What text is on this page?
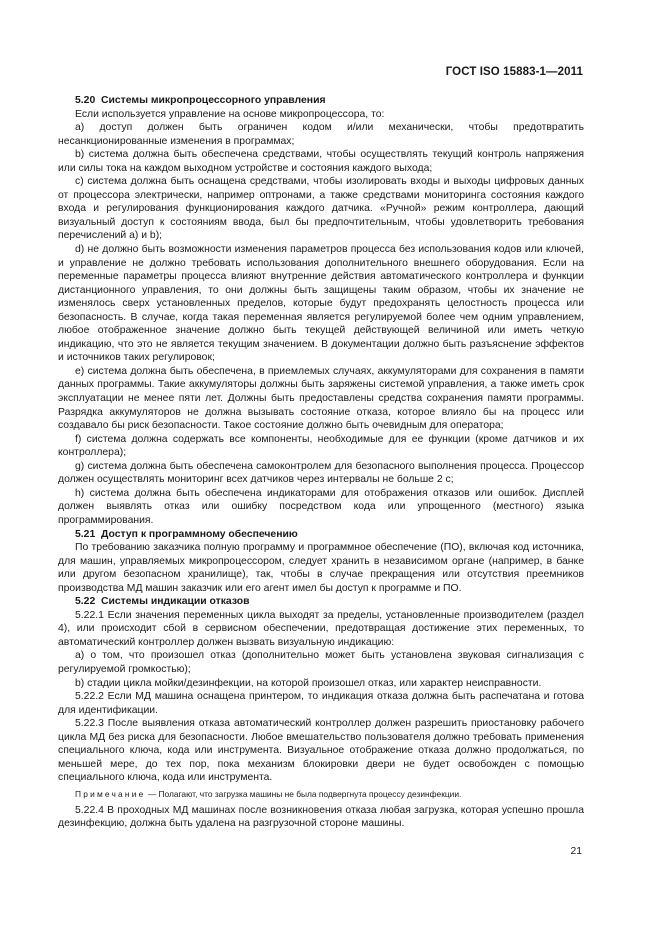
ГОСТ ISO 15883-1—2011

5.20 Системы микропроцессорного управления

Если используется управление на основе микропроцессора, то:

a) доступ должен быть ограничен кодом и/или механически, чтобы предотвратить несанкционированные изменения в программах;

b) система должна быть обеспечена средствами, чтобы осуществлять текущий контроль напряжения или силы тока на каждом выходном устройстве и состояния каждого выхода;

c) система должна быть оснащена средствами, чтобы изолировать входы и выходы цифровых данных от процессора электрически, например оптронами, а также средствами мониторинга состояния каждого входа и регулирования функционирования каждого датчика. «Ручной» режим контроллера, дающий визуальный доступ к состояниям ввода, был бы предпочтительным, чтобы удовлетворить требования перечислений a) и b);

d) не должно быть возможности изменения параметров процесса без использования кодов или ключей, и управление не должно требовать использования дополнительного внешнего оборудования. Если на переменные параметры процесса влияют внутренние действия автоматического контроллера и функции дистанционного управления, то они должны быть защищены таким образом, чтобы их значение не изменялось сверх установленных пределов, которые будут предохранять целостность процесса или безопасность. В случае, когда такая переменная является регулируемой более чем одним управлением, любое отображенное значение должно быть текущей действующей величиной или иметь четкую индикацию, что это не является текущим значением. В документации должно быть разъяснение эффектов и источников таких регулировок;

e) система должна быть обеспечена, в приемлемых случаях, аккумуляторами для сохранения в памяти данных программы. Такие аккумуляторы должны быть заряжены системой управления, а также иметь срок эксплуатации не менее пяти лет. Должны быть предоставлены средства сохранения памяти программы. Разрядка аккумуляторов не должна вызывать состояние отказа, которое влияло бы на процесс или создавало бы риск безопасности. Такое состояние должно быть очевидным для оператора;

f) система должна содержать все компоненты, необходимые для ее функции (кроме датчиков и их контроллера);

g) система должна быть обеспечена самоконтролем для безопасного выполнения процесса. Процессор должен осуществлять мониторинг всех датчиков через интервалы не больше 2 с;

h) система должна быть обеспечена индикаторами для отображения отказов или ошибок. Дисплей должен выявлять отказ или ошибку посредством кода или упрощенного (местного) языка программирования.

5.21 Доступ к программному обеспечению

По требованию заказчика полную программу и программное обеспечение (ПО), включая код источника, для машин, управляемых микропроцессором, следует хранить в независимом органе (например, в банке или другом безопасном хранилище), так, чтобы в случае прекращения или отсутствия преемников производства МД машин заказчик или его агент имел бы доступ к программе и ПО.

5.22 Системы индикации отказов

5.22.1 Если значения переменных цикла выходят за пределы, установленные производителем (раздел 4), или происходит сбой в сервисном обеспечении, предотвращая достижение этих переменных, то автоматический контроллер должен вызвать визуальную индикацию:

a) о том, что произошел отказ (дополнительно может быть установлена звуковая сигнализация с регулируемой громкостью);

b) стадии цикла мойки/дезинфекции, на которой произошел отказ, или характер неисправности.

5.22.2 Если МД машина оснащена принтером, то индикация отказа должна быть распечатана и готова для идентификации.

5.22.3 После выявления отказа автоматический контроллер должен разрешить приостановку рабочего цикла МД без риска для безопасности. Любое вмешательство пользователя должно требовать применения специального ключа, кода или инструмента. Визуальное отображение отказа должно продолжаться, по меньшей мере, до тех пор, пока механизм блокировки двери не будет освобожден с помощью специального ключа, кода или инструмента.

Примечание — Полагают, что загрузка машины не была подвергнута процессу дезинфекции.

5.22.4 В проходных МД машинах после возникновения отказа любая загрузка, которая успешно прошла дезинфекцию, должна быть удалена на разгрузочной стороне машины.

21
